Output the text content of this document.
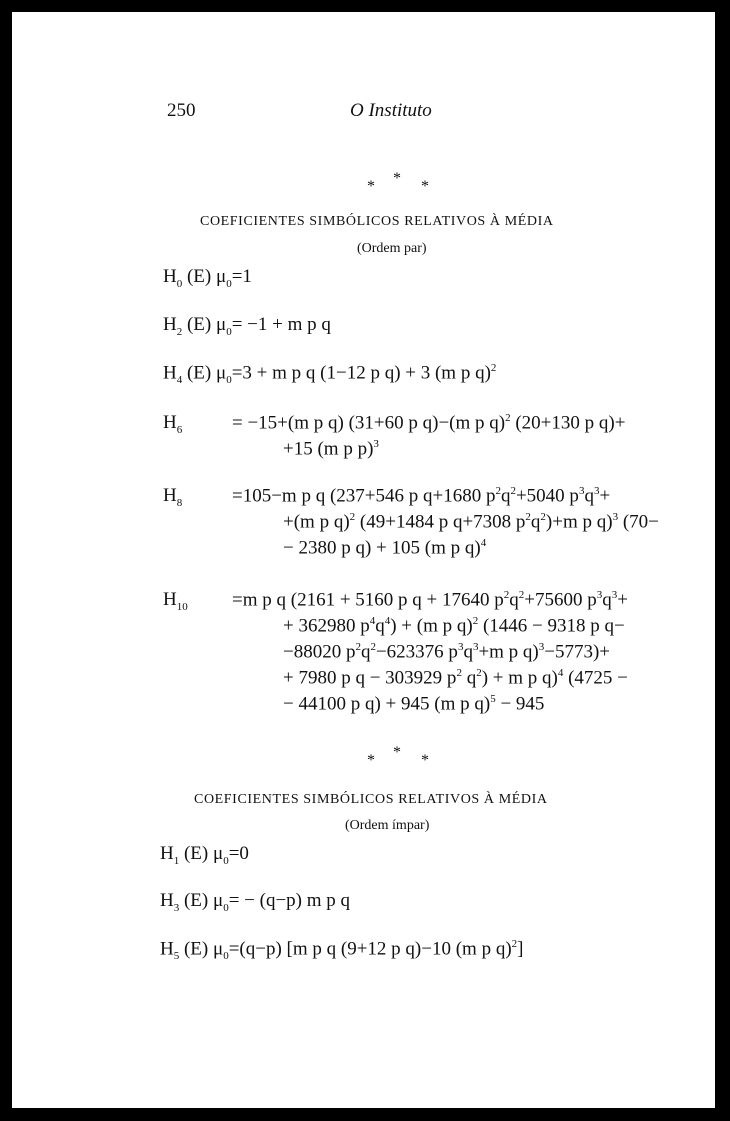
250	O Instituto
* * *
COEFICIENTES SIMBÓLICOS RELATIVOS À MÉDIA
(Ordem par)
$H_0$ (E) $\mu_0=1$
$H_2$ (E) $\mu_0= -1 + m$ p q
$H_4$ (E) $\mu_0=3 + m$ p q (1−12 p q) + 3 (m p q)$^2$
$H_6$	= −15+(m p q) (31+60 p q)−(m p q)$^2$ (20+130 p q)+
+15 (m p p)$^3$
$H_8$	=105−m p q (237+546 p q+1680 $p^2q^2+5040$ $p^3q^3+$
+(m p q)$^2$ (49+1484 p q+7308 $p^2q^2)+m$ p q)$^3$ (70−
− 2380 p q) + 105 (m p q)$^4$
$H_{10} =m$ p q (2161 + 5160 p q + 17640 $p^2q^2+75600$ $p^3q^3+$
+ 362980 $p^4q^4) + (m$ p q)$^2$ (1446 − 9318 p q−
−88020 $p^2q^2-623376$ $p^3q^3+m$ p q)$^3$−5773)+
+ 7980 p q − 303929 $p^2$ $q^2) + m$ p q)$^4$ (4725 −
− 44100 p q) + 945 (m p q)$^5$ − 945
* * *
COEFICIENTES SIMBÓLICOS RELATIVOS À MÉDIA
(Ordem ímpar)
$H_1$ (E) $\mu_0=0$
$H_3$ (E) $\mu_0= - (q-p)$ m p q
$H_5$ (E) $\mu_0=(q-p)$ [m p q (9+12 p q)−10 (m p q)$^2$]
